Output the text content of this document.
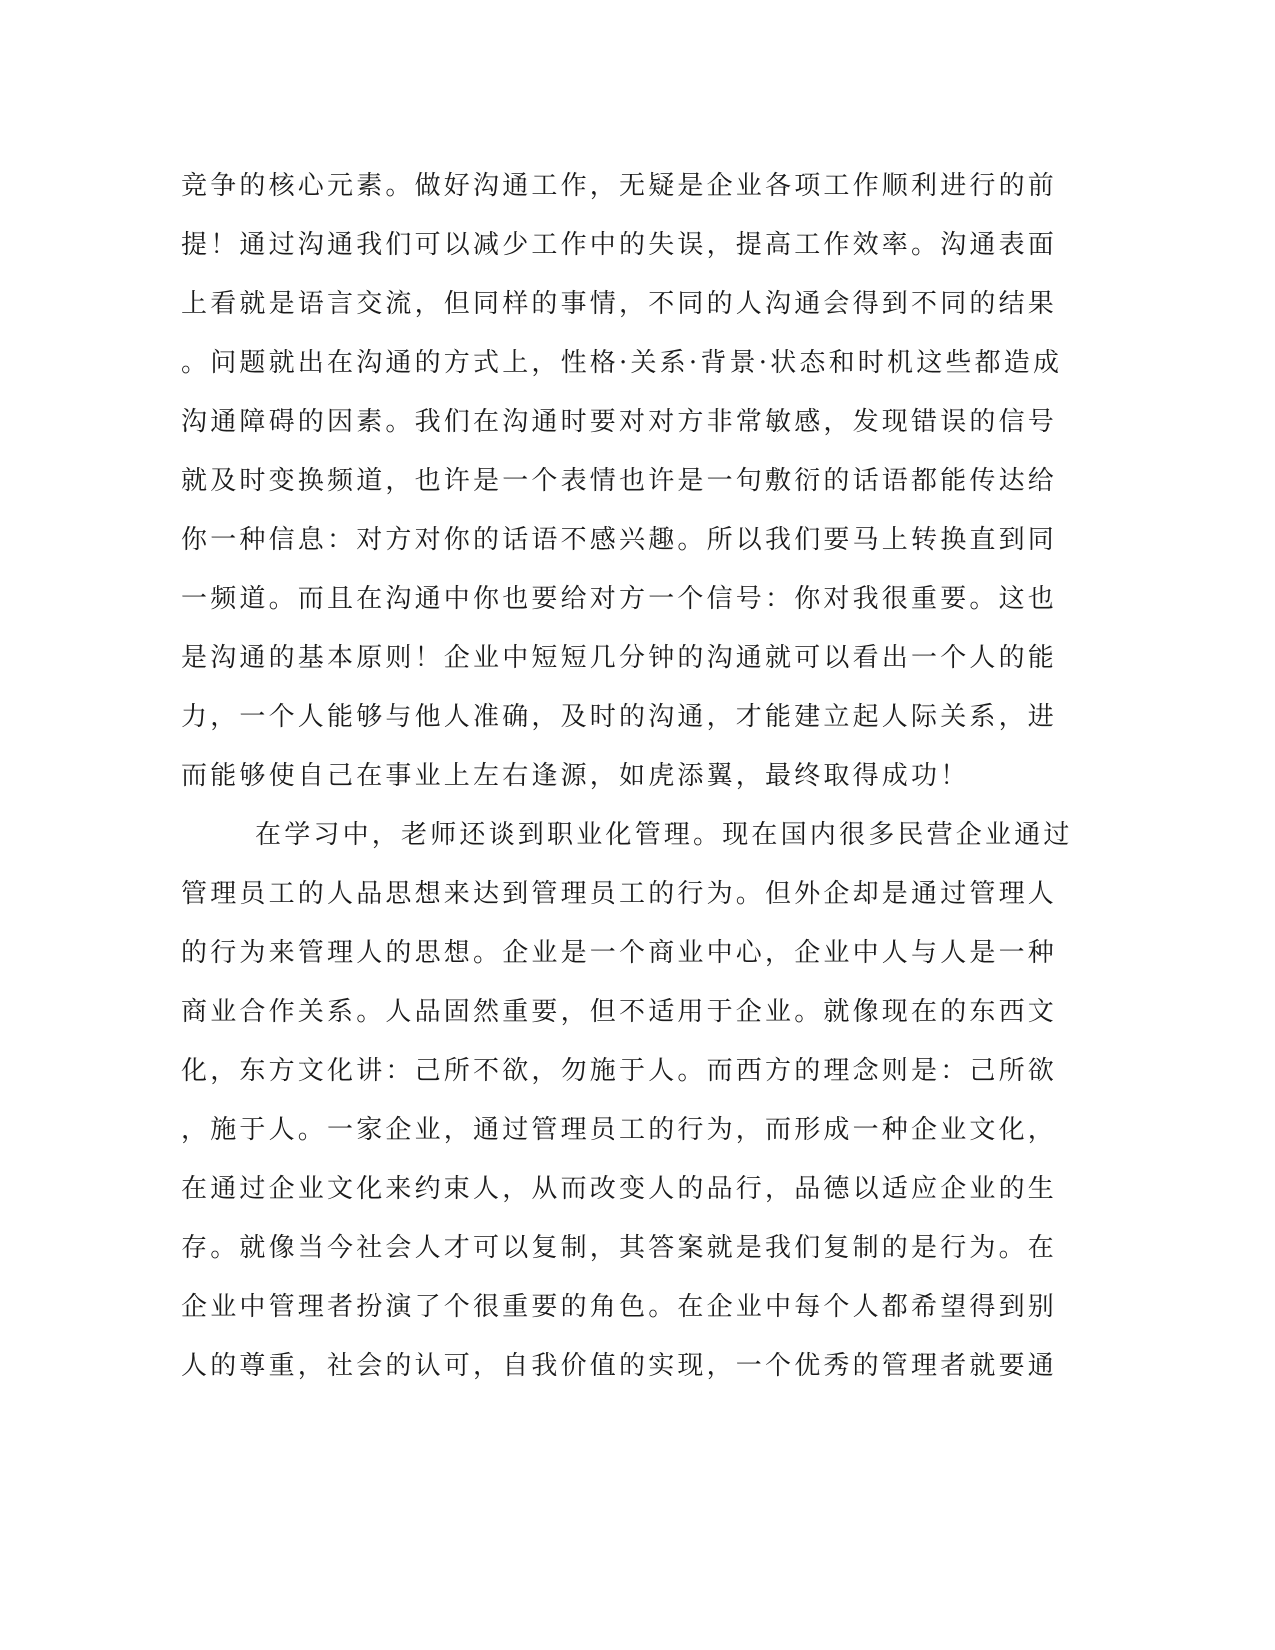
竞争的核心元素。做好沟通工作，无疑是企业各项工作顺利进行的前
提！通过沟通我们可以减少工作中的失误，提高工作效率。沟通表面
上看就是语言交流，但同样的事情，不同的人沟通会得到不同的结果
。问题就出在沟通的方式上，性格·关系·背景·状态和时机这些都造成
沟通障碍的因素。我们在沟通时要对对方非常敏感，发现错误的信号
就及时变换频道，也许是一个表情也许是一句敷衍的话语都能传达给
你一种信息：对方对你的话语不感兴趣。所以我们要马上转换直到同
一频道。而且在沟通中你也要给对方一个信号：你对我很重要。这也
是沟通的基本原则！企业中短短几分钟的沟通就可以看出一个人的能
力，一个人能够与他人准确，及时的沟通，才能建立起人际关系，进
而能够使自己在事业上左右逢源，如虎添翼，最终取得成功！
在学习中，老师还谈到职业化管理。现在国内很多民营企业通过
管理员工的人品思想来达到管理员工的行为。但外企却是通过管理人
的行为来管理人的思想。企业是一个商业中心，企业中人与人是一种
商业合作关系。人品固然重要，但不适用于企业。就像现在的东西文
化，东方文化讲：己所不欲，勿施于人。而西方的理念则是：己所欲
，施于人。一家企业，通过管理员工的行为，而形成一种企业文化，
在通过企业文化来约束人，从而改变人的品行，品德以适应企业的生
存。就像当今社会人才可以复制，其答案就是我们复制的是行为。在
企业中管理者扮演了个很重要的角色。在企业中每个人都希望得到别
人的尊重，社会的认可，自我价值的实现，一个优秀的管理者就要通
